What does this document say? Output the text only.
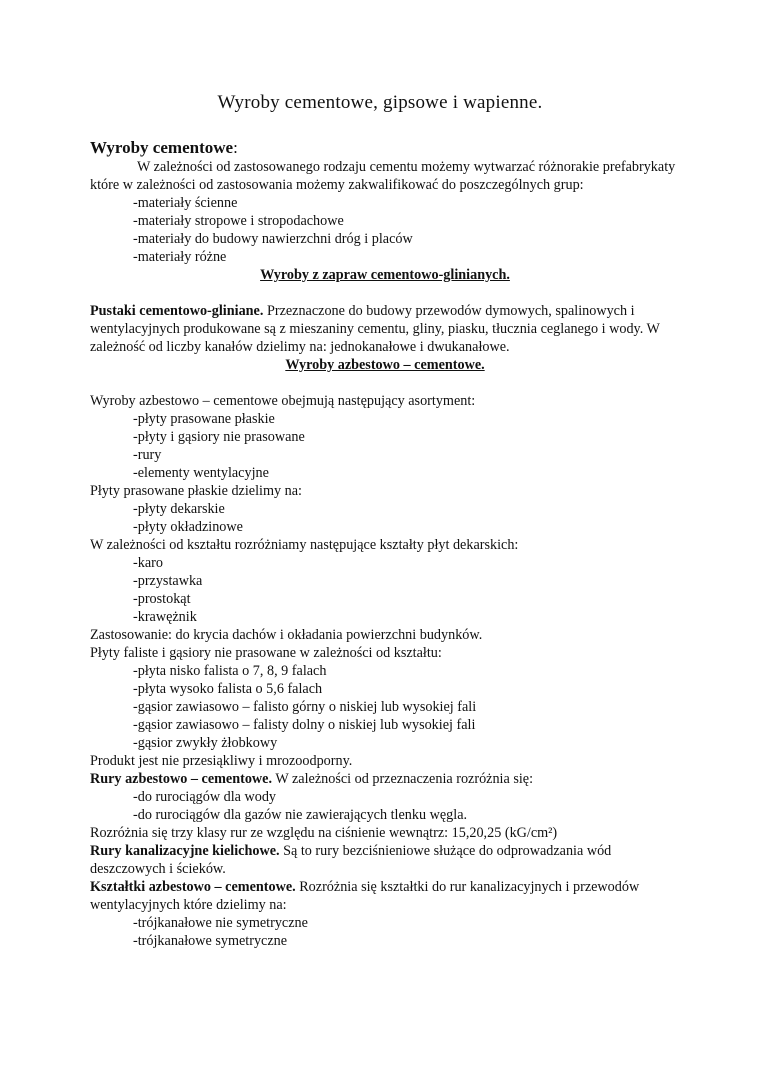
Wyroby cementowe, gipsowe i wapienne.
Wyroby cementowe:

W zależności od zastosowanego rodzaju cementu możemy wytwarzać różnorakie prefabrykaty które w zależności od zastosowania możemy zakwalifikować do poszczególnych grup:

-materiały ścienne
-materiały stropowe i stropodachowe
-materiały do budowy nawierzchni dróg i placów
-materiały różne
Wyroby z zapraw cementowo-glinianych.

Pustaki cementowo-gliniane. Przeznaczone do budowy przewodów dymowych, spalinowych i wentylacyjnych produkowane są z mieszaniny cementu, gliny, piasku, tłucznia ceglanego i wody. W zależność od liczby kanałów dzielimy na: jednokanałowe i dwukanałowe.

Wyroby azbestowo – cementowe.

Wyroby azbestowo – cementowe obejmują następujący asortyment:

-płyty prasowane płaskie
-płyty i gąsiory nie prasowane
-rury
-elementy wentylacyjne

Płyty prasowane płaskie dzielimy na:

-płyty dekarskie
-płyty okładzinowe

W zależności od kształtu rozróżniamy następujące kształty płyt dekarskich:

-karo
-przystawka
-prostokąt
-krawężnik

Zastosowanie: do krycia dachów i okładania powierzchni budynków.

Płyty faliste i gąsiory nie prasowane w zależności od kształtu:

-płyta nisko falista o 7, 8, 9 falach
-płyta wysoko falista o 5,6 falach
-gąsior zawiasowo – falisto górny o niskiej lub wysokiej fali
-gąsior zawiasowo – falisty dolny o niskiej lub wysokiej fali
-gąsior zwykły żłobkowy

Produkt jest nie przesiąkliwy i mrozoodporny.

Rury azbestowo – cementowe. W zależności od przeznaczenia rozróżnia się:

-do rurociągów dla wody
-do rurociągów dla gazów nie zawierających tlenku węgla.

Rozróżnia się trzy klasy rur ze względu na ciśnienie wewnątrz: 15,20,25 (kG/cm²)

Rury kanalizacyjne kielichowe. Są to rury bezciśnieniowe służące do odprowadzania wód deszczowych i ścieków.

Kształtki azbestowo – cementowe. Rozróżnia się kształtki do rur kanalizacyjnych i przewodów wentylacyjnych które dzielimy na:

-trójkanałowe nie symetryczne
-trójkanałowe symetryczne
